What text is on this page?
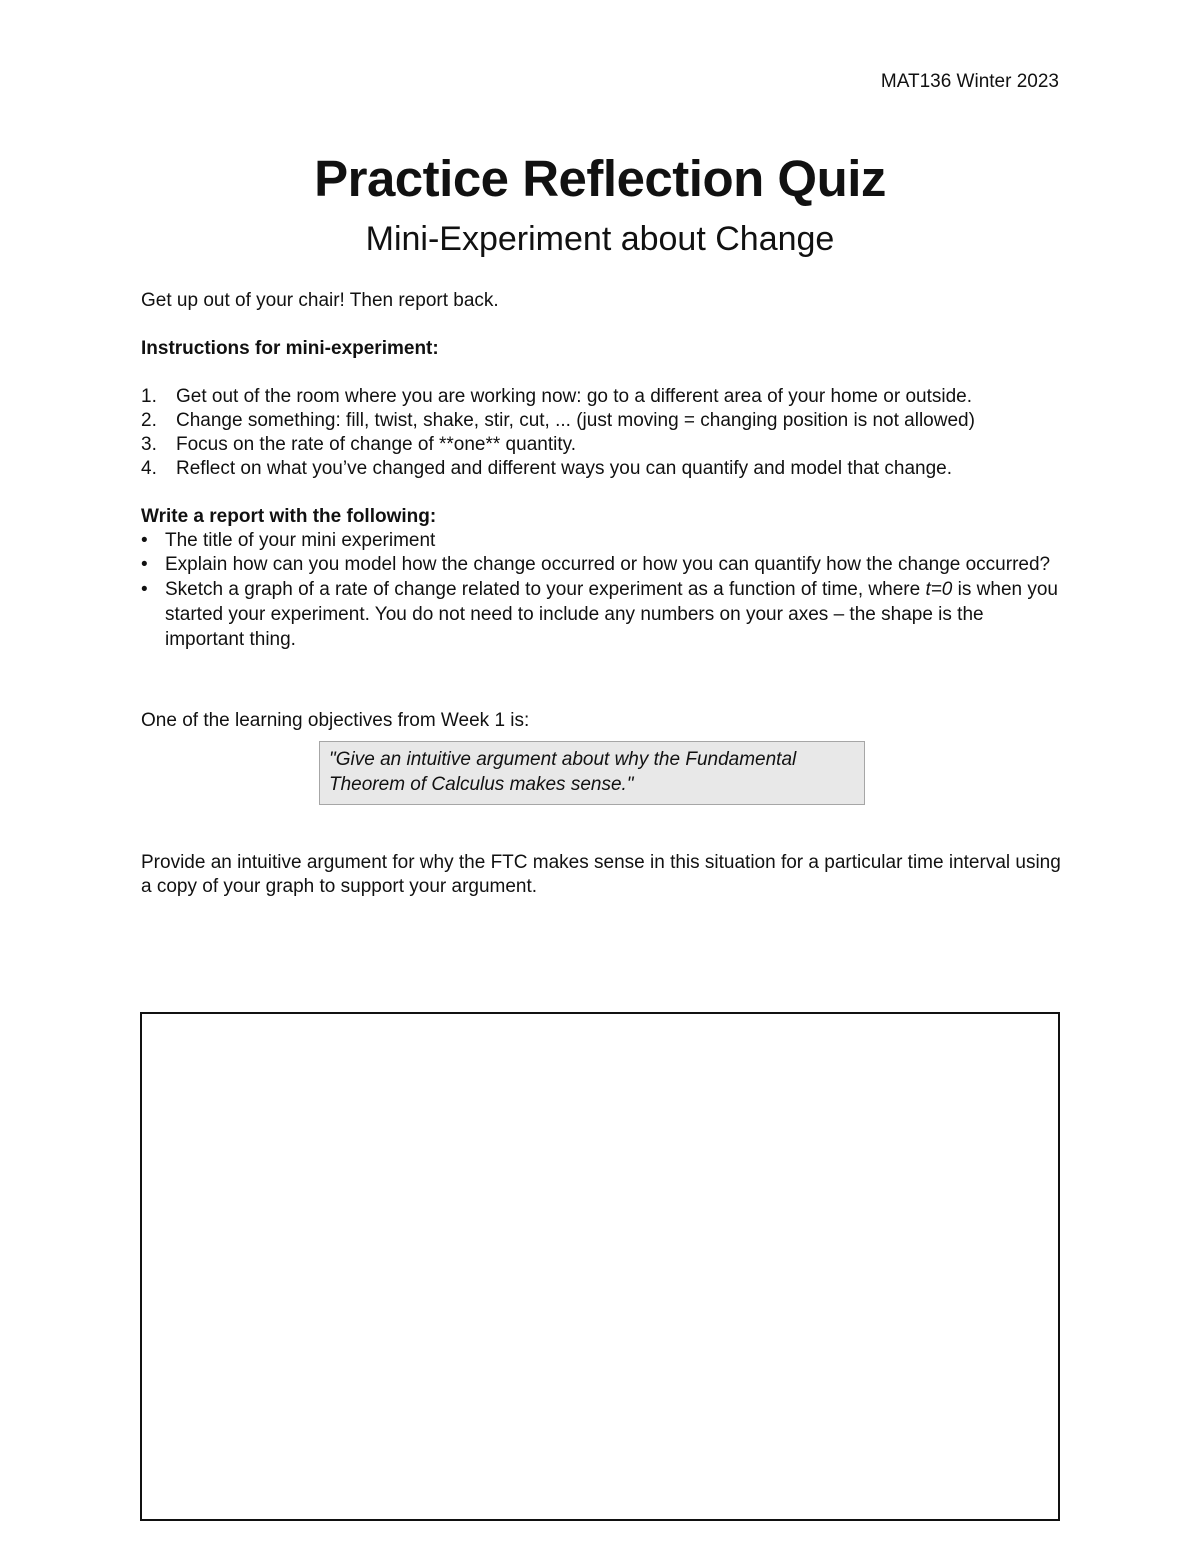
MAT136 Winter 2023
Practice Reflection Quiz
Mini-Experiment about Change

Get up out of your chair! Then report back.

Instructions for mini-experiment:

1. Get out of the room where you are working now: go to a different area of your home or outside.
2. Change something: fill, twist, shake, stir, cut, ... (just moving = changing position is not allowed)
3. Focus on the rate of change of **one** quantity.
4. Reflect on what you’ve changed and different ways you can quantify and model that change.

Write a report with the following:

• The title of your mini experiment
• Explain how can you model how the change occurred or how you can quantify how the change occurred?
• Sketch a graph of a rate of change related to your experiment as a function of time, where t=0 is when you started your experiment. You do not need to include any numbers on your axes – the shape is the important thing.

One of the learning objectives from Week 1 is:

"Give an intuitive argument about why the Fundamental Theorem of Calculus makes sense."

Provide an intuitive argument for why the FTC makes sense in this situation for a particular time interval using a copy of your graph to support your argument.
